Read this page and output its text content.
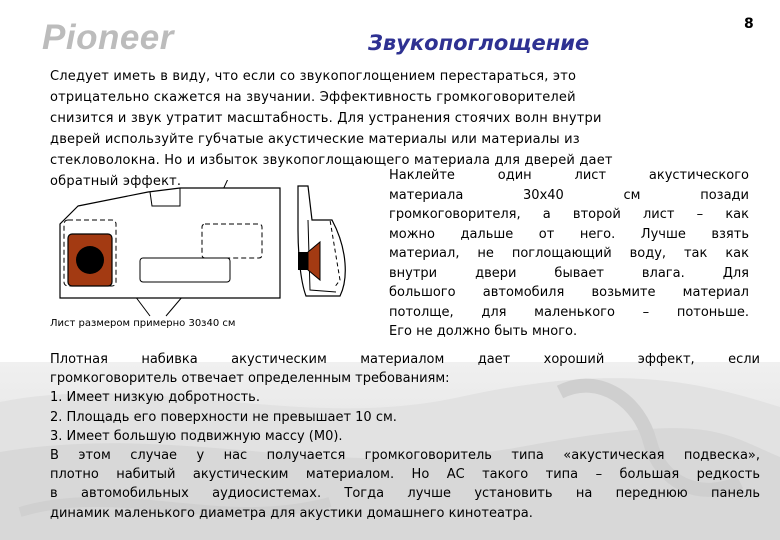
Pioneer	8
Звукопоглощение
Следует иметь в виду, что если со звукопоглощением перестараться, это
отрицательно скажется на звучании. Эффективность громкоговорителей
снизится и звук утратит масштабность. Для устранения стоячих волн внутри
дверей используйте губчатые акустические материалы или материалы из
стекловолокна. Но и избыток звукопоглощающего материала для дверей дает
обратный эффект.
Лист размером примерно 30з40 см
Наклейте один лист акустического
материала 30х40 см позади
громкоговорителя, а второй лист – как
можно дальше от него. Лучше взять
материал, не поглощающий воду, так как
внутри двери бывает влага. Для
большого автомобиля возьмите материал
потолще, для маленького – потоньше.
Его не должно быть много.
Плотная набивка акустическим материалом дает хороший эффект, если
громкоговоритель отвечает определенным требованиям:
1. Имеет низкую добротность.
2. Площадь его поверхности не превышает 10 см.
3. Имеет большую подвижную массу (М0).
В этом случае у нас получается громкоговоритель типа «акустическая подвеска»,
плотно набитый акустическим материалом. Но АС такого типа – большая редкость
в автомобильных аудиосистемах. Тогда лучше установить на переднюю панель
динамик маленького диаметра для акустики домашнего кинотеатра.
